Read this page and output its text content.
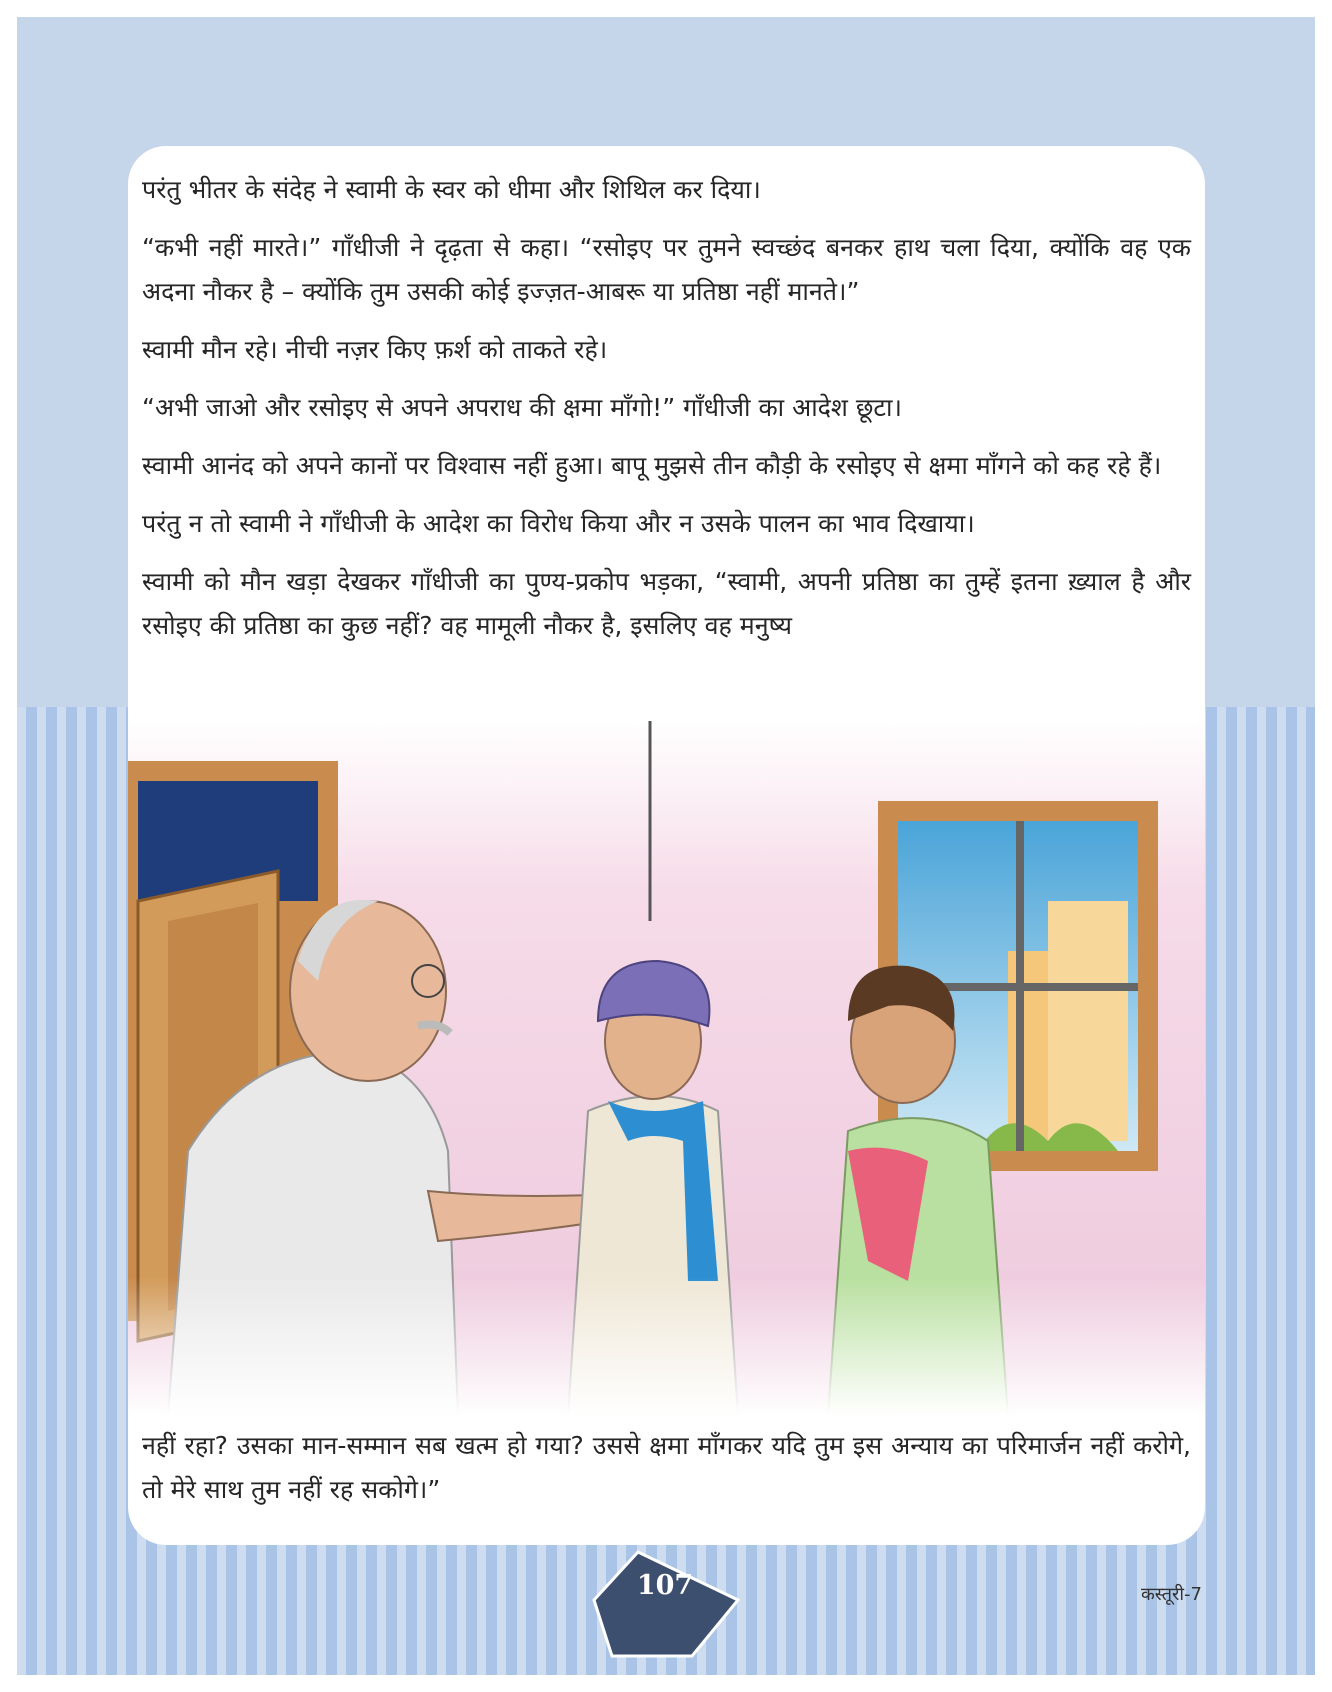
परंतु भीतर के संदेह ने स्वामी के स्वर को धीमा और शिथिल कर दिया।

“कभी नहीं मारते।” गाँधीजी ने दृढ़ता से कहा। “रसोइए पर तुमने स्वच्छंद बनकर हाथ चला दिया, क्योंकि वह एक अदना नौकर है – क्योंकि तुम उसकी कोई इज्ज़त-आबरू या प्रतिष्ठा नहीं मानते।”

स्वामी मौन रहे। नीची नज़र किए फ़र्श को ताकते रहे।

“अभी जाओ और रसोइए से अपने अपराध की क्षमा माँगो!” गाँधीजी का आदेश छूटा।

स्वामी आनंद को अपने कानों पर विश्वास नहीं हुआ। बापू मुझसे तीन कौड़ी के रसोइए से क्षमा माँगने को कह रहे हैं।

परंतु न तो स्वामी ने गाँधीजी के आदेश का विरोध किया और न उसके पालन का भाव दिखाया।

स्वामी को मौन खड़ा देखकर गाँधीजी का पुण्य-प्रकोप भड़का, “स्वामी, अपनी प्रतिष्ठा का तुम्हें इतना ख़्याल है और रसोइए की प्रतिष्ठा का कुछ नहीं? वह मामूली नौकर है, इसलिए वह मनुष्य

नहीं रहा? उसका मान-सम्मान सब खत्म हो गया? उससे क्षमा माँगकर यदि तुम इस अन्याय का परिमार्जन नहीं करोगे, तो मेरे साथ तुम नहीं रह सकोगे।”

107	कस्तूरी-7
